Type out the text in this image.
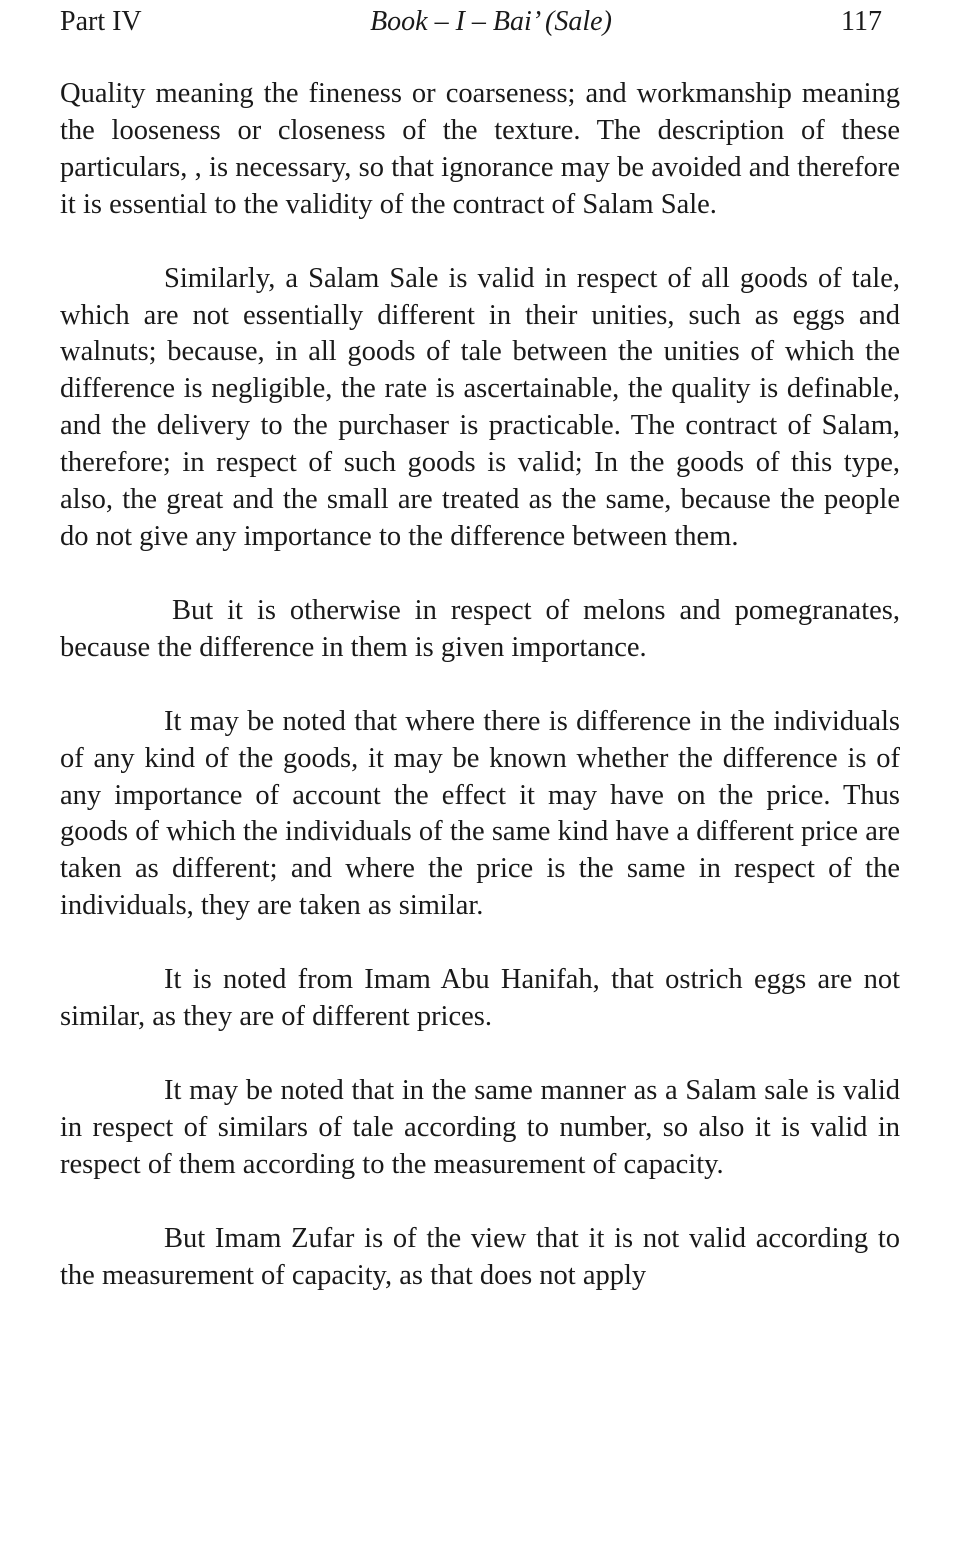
Part IV	Book – I – Bai’ (Sale)	117

Quality meaning the fineness or coarseness; and workmanship meaning the looseness or closeness of the texture. The description of these particulars, , is necessary, so that ignorance may be avoided and therefore it is essential to the validity of the contract of Salam Sale.

Similarly, a Salam Sale is valid in respect of all goods of tale, which are not essentially different in their unities, such as eggs and walnuts; because, in all goods of tale between the unities of which the difference is negligible, the rate is ascertainable, the quality is definable, and the delivery to the purchaser is practicable. The contract of Salam, therefore; in respect of such goods is valid; In the goods of this type, also, the great and the small are treated as the same, because the people do not give any importance to the difference between them.

But it is otherwise in respect of melons and pomegranates, because the difference in them is given importance.

It may be noted that where there is difference in the individuals of any kind of the goods, it may be known whether the difference is of any importance of account the effect it may have on the price. Thus goods of which the individuals of the same kind have a different price are taken as different; and where the price is the same in respect of the individuals, they are taken as similar.

It is noted from Imam Abu Hanifah, that ostrich eggs are not similar, as they are of different prices.

It may be noted that in the same manner as a Salam sale is valid in respect of similars of tale according to number, so also it is valid in respect of them according to the measurement of capacity.

But Imam Zufar is of the view that it is not valid according to the measurement of capacity, as that does not apply
